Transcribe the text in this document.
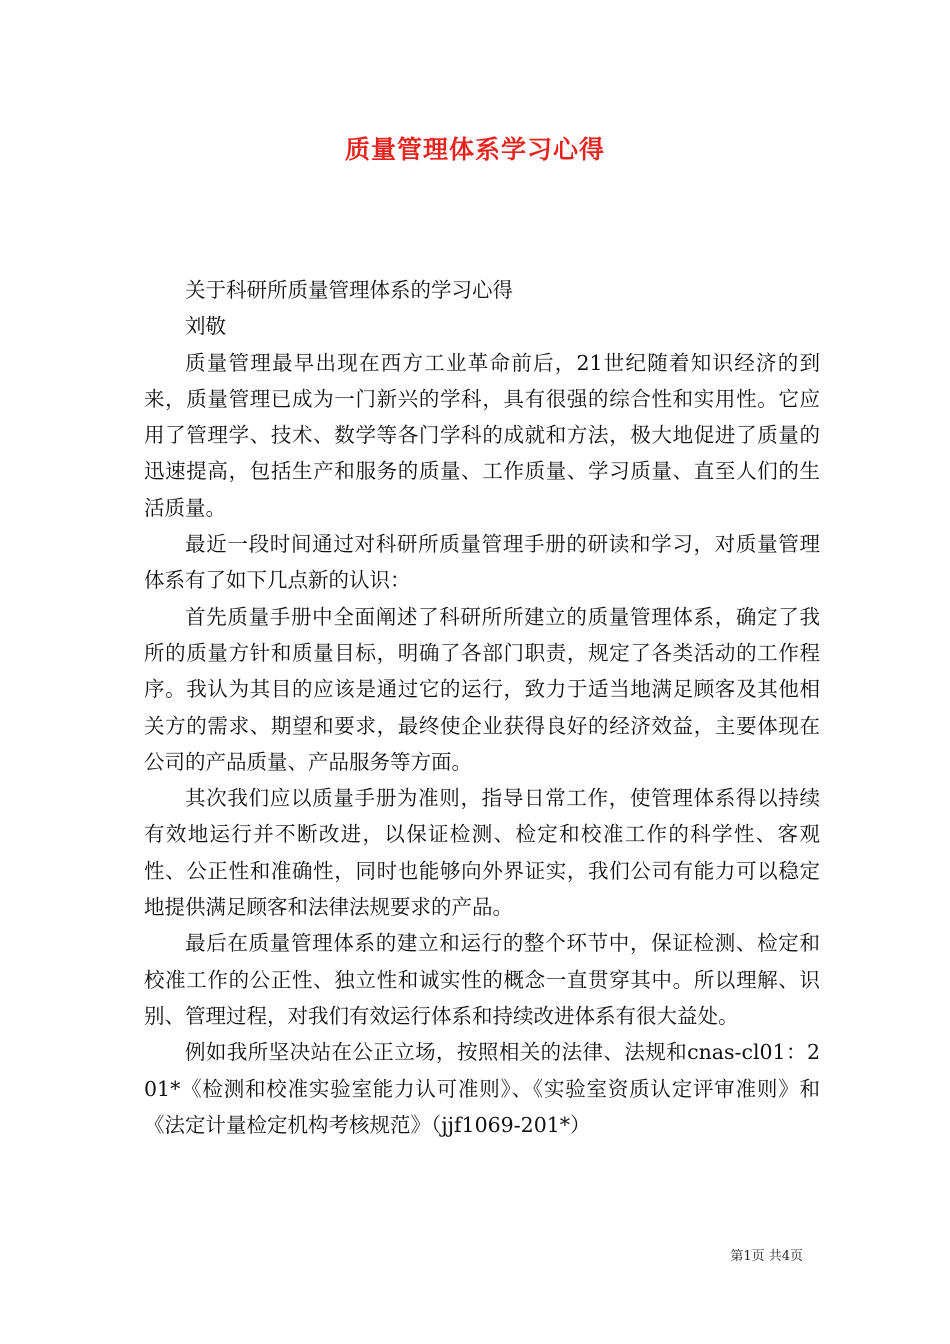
质量管理体系学习心得

关于科研所质量管理体系的学习心得

刘敬

质量管理最早出现在西方工业革命前后，21世纪随着知识经济的到来，质量管理已成为一门新兴的学科，具有很强的综合性和实用性。它应用了管理学、技术、数学等各门学科的成就和方法，极大地促进了质量的迅速提高，包括生产和服务的质量、工作质量、学习质量、直至人们的生活质量。

最近一段时间通过对科研所质量管理手册的研读和学习，对质量管理体系有了如下几点新的认识：

首先质量手册中全面阐述了科研所所建立的质量管理体系，确定了我所的质量方针和质量目标，明确了各部门职责，规定了各类活动的工作程序。我认为其目的应该是通过它的运行，致力于适当地满足顾客及其他相关方的需求、期望和要求，最终使企业获得良好的经济效益，主要体现在公司的产品质量、产品服务等方面。

其次我们应以质量手册为准则，指导日常工作，使管理体系得以持续有效地运行并不断改进，以保证检测、检定和校准工作的科学性、客观性、公正性和准确性，同时也能够向外界证实，我们公司有能力可以稳定地提供满足顾客和法律法规要求的产品。

最后在质量管理体系的建立和运行的整个环节中，保证检测、检定和校准工作的公正性、独立性和诚实性的概念一直贯穿其中。所以理解、识别、管理过程，对我们有效运行体系和持续改进体系有很大益处。

例如我所坚决站在公正立场，按照相关的法律、法规和cnas-cl01：201*《检测和校准实验室能力认可准则》、《实验室资质认定评审准则》和《法定计量检定机构考核规范》（jjf1069-201*）

第1页 共4页
